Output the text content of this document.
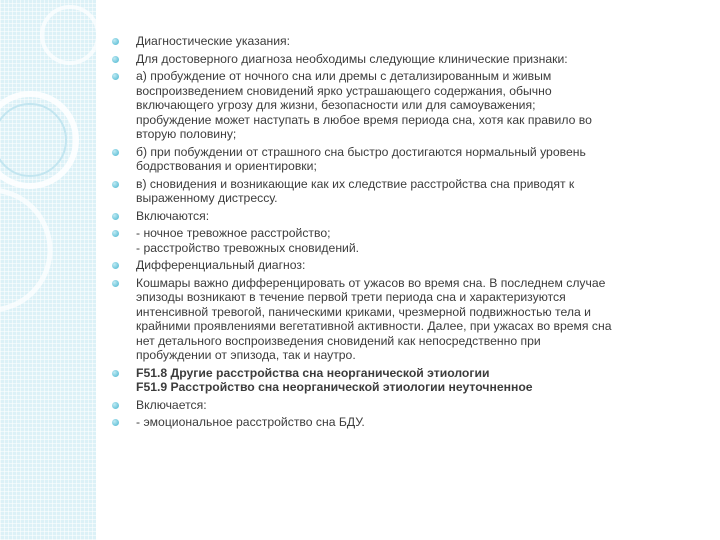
Диагностические указания:
Для достоверного диагноза необходимы следующие клинические признаки:
а) пробуждение от ночного сна или дремы с детализированным и живым
воспроизведением сновидений ярко устрашающего содержания, обычно
включающего угрозу для жизни, безопасности или для самоуважения;
пробуждение может наступать в любое время периода сна, хотя как правило во
вторую половину;
б) при побуждении от страшного сна быстро достигаются нормальный уровень
бодрствования и ориентировки;
в) сновидения и возникающие как их следствие расстройства сна приводят к
выраженному дистрессу.
Включаются:
- ночное тревожное расстройство;
- расстройство тревожных сновидений.
Дифференциальный диагноз:
Кошмары важно дифференцировать от ужасов во время сна. В последнем случае
эпизоды возникают в течение первой трети периода сна и характеризуются
интенсивной тревогой, паническими криками, чрезмерной подвижностью тела и
крайними проявлениями вегетативной активности. Далее, при ужасах во время сна
нет детального воспроизведения сновидений как непосредственно при
пробуждении от эпизода, так и наутро.
F51.8 Другие расстройства сна неорганической этиологии
F51.9 Расстройство сна неорганической этиологии неуточненное
Включается:
- эмоциональное расстройство сна БДУ.
